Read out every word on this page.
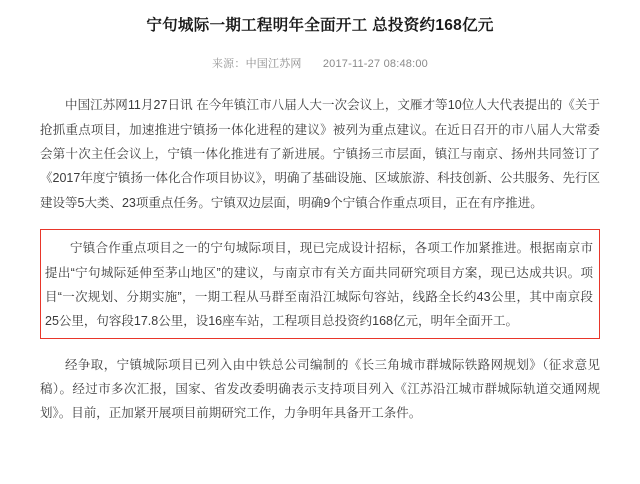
宁句城际一期工程明年全面开工 总投资约168亿元
来源：中国江苏网 2017-11-27 08:48:00

中国江苏网11月27日讯 在今年镇江市八届人大一次会议上，文雁才等10位人大代表提出的《关于抢抓重点项目，加速推进宁镇扬一体化进程的建议》被列为重点建议。在近日召开的市八届人大常委会第十次主任会议上，宁镇一体化推进有了新进展。宁镇扬三市层面，镇江与南京、扬州共同签订了《2017年度宁镇扬一体化合作项目协议》，明确了基础设施、区域旅游、科技创新、公共服务、先行区建设等5大类、23项重点任务。宁镇双边层面，明确9个宁镇合作重点项目，正在有序推进。

宁镇合作重点项目之一的宁句城际项目，现已完成设计招标，各项工作加紧推进。根据南京市提出“宁句城际延伸至茅山地区”的建议，与南京市有关方面共同研究项目方案，现已达成共识。项目“一次规划、分期实施”，一期工程从马群至南沿江城际句容站，线路全长约43公里，其中南京段25公里，句容段17.8公里，设16座车站，工程项目总投资约168亿元，明年全面开工。

经争取，宁镇城际项目已列入由中铁总公司编制的《长三角城市群城际铁路网规划》（征求意见稿）。经过市多次汇报，国家、省发改委明确表示支持项目列入《江苏沿江城市群城际轨道交通网规划》。目前，正加紧开展项目前期研究工作，力争明年具备开工条件。
